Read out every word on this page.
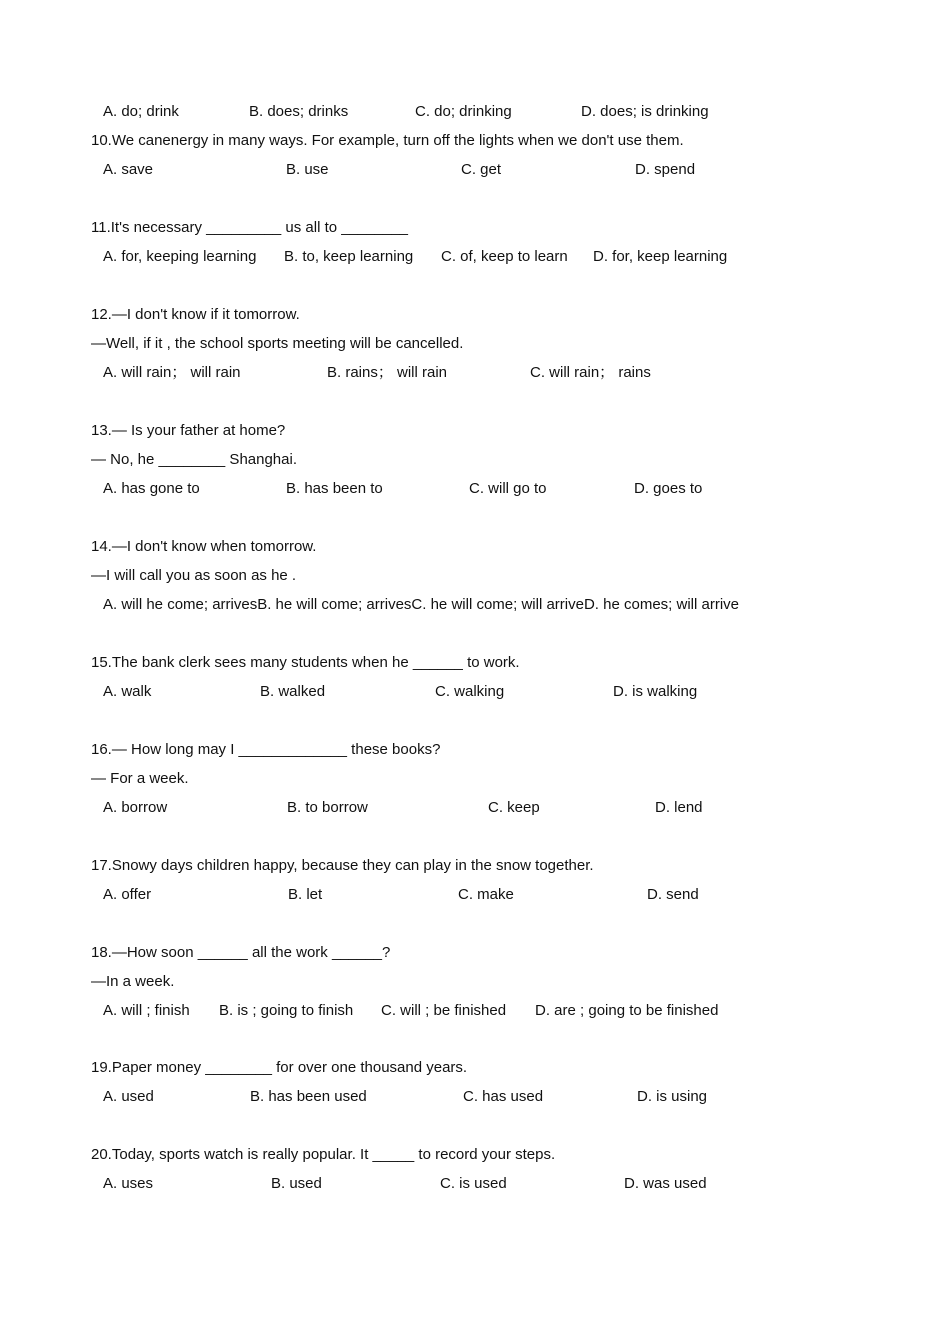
A. do; drink	B. does; drinks	C. do; drinking	D. does; is drinking
10.We canenergy in many ways. For example, turn off the lights when we don't use them.
A. save	B. use	C. get	D. spend
11.It's necessary _________ us all to ________
A. for, keeping learning B. to, keep learning C. of, keep to learn D. for, keep learning
12.—I don't know if it tomorrow.
—Well, if it , the school sports meeting will be cancelled.
A. will rain； will rain	B. rains； will rain	C. will rain； rains
13.— Is your father at home?
— No, he ________ Shanghai.
A. has gone to	B. has been to	C. will go to	D. goes to
14.—I don't know when tomorrow.
—I will call you as soon as he .
A. will he come; arrivesB. he will come; arrivesC. he will come; will arriveD. he comes; will arrive
15.The bank clerk sees many students when he ______ to work.
A. walk	B. walked	C. walking	D. is walking
16.— How long may I _____________ these books?
— For a week.
A. borrow	B. to borrow	C. keep	D. lend
17.Snowy days children happy, because they can play in the snow together.
A. offer	B. let	C. make	D. send
18.—How soon ______ all the work ______?
—In a week.
A. will ; finish B. is ; going to finish C. will ; be finished D. are ; going to be finished
19.Paper money ________ for over one thousand years.
A. used	B. has been used	C. has used	D. is using
20.Today, sports watch is really popular. It _____ to record your steps.
A. uses	B. used	C. is used	D. was used
